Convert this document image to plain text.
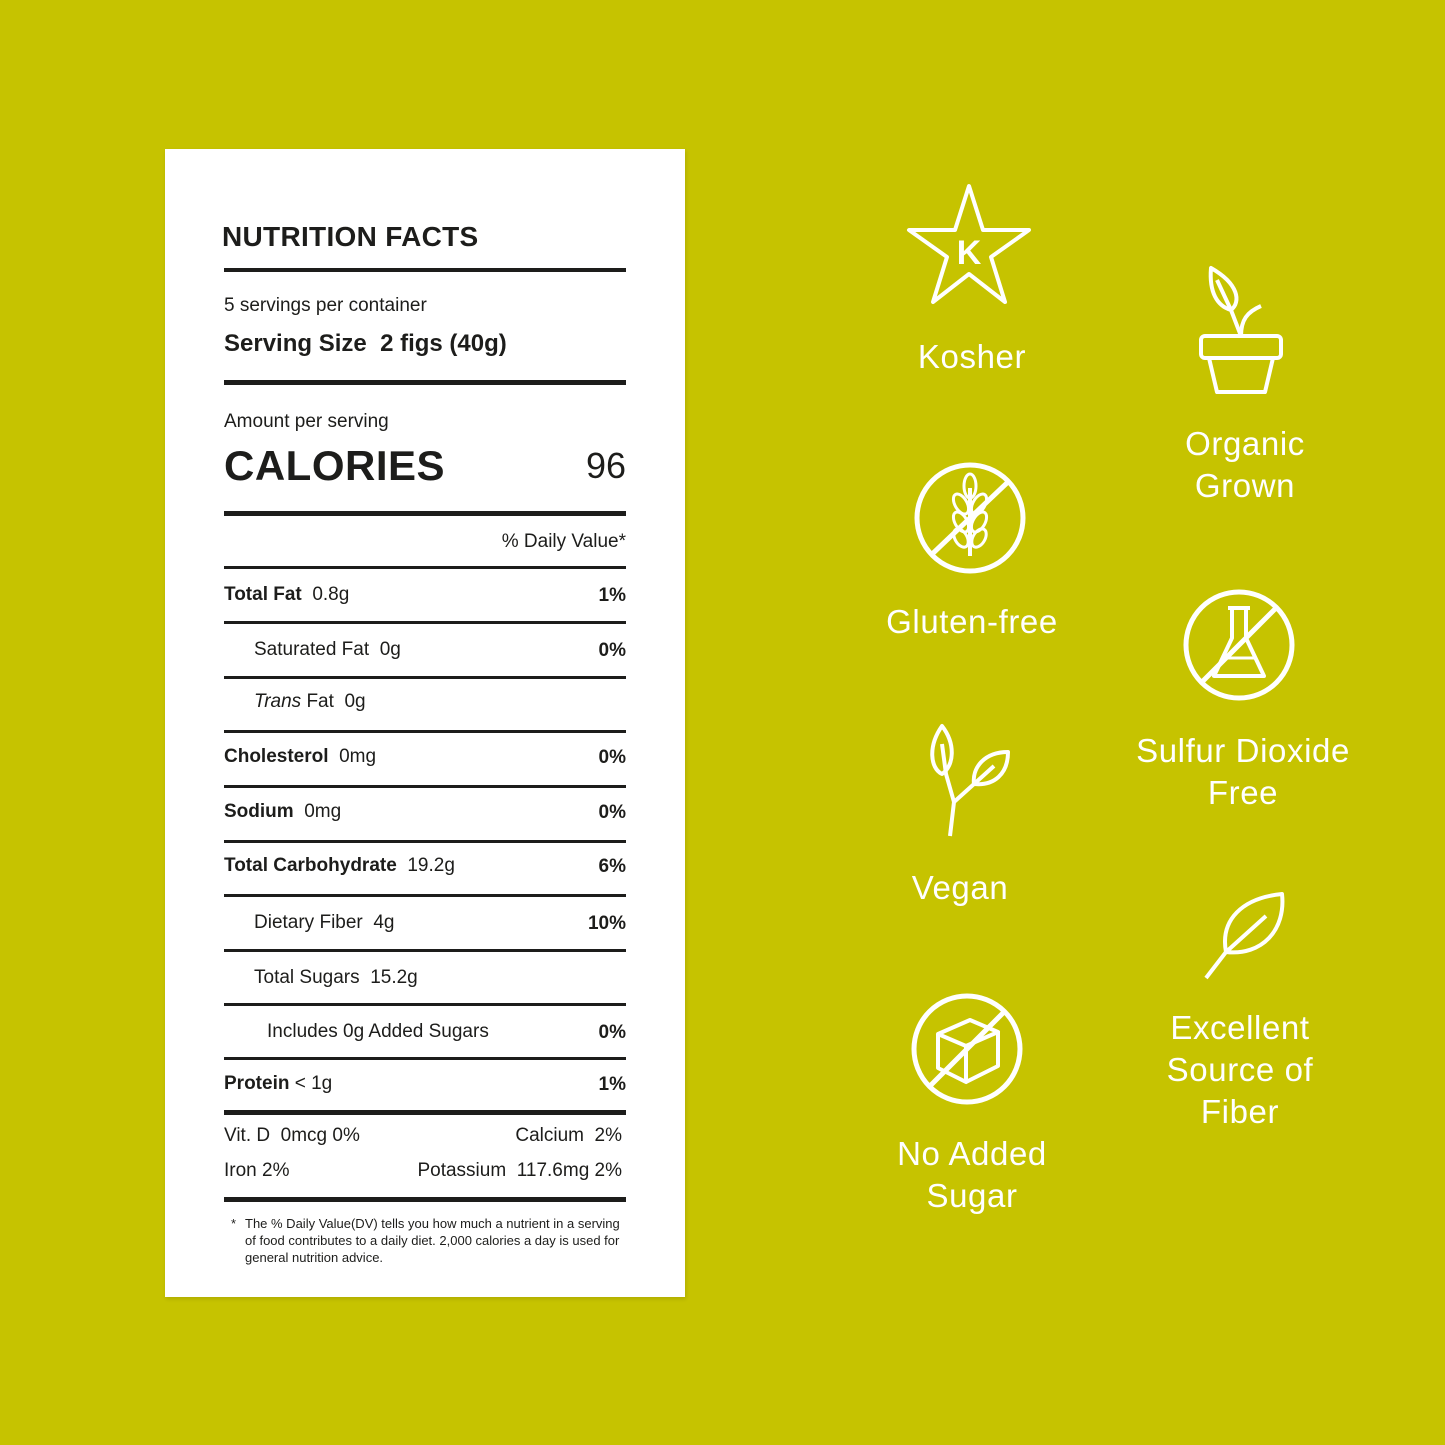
NUTRITION FACTS
5 servings per container
Serving Size 2 figs (40g)
Amount per serving
CALORIES	96
% Daily Value*
Total Fat 0.8g	1%
Saturated Fat 0g	0%
Trans Fat 0g
Cholesterol 0mg	0%
Sodium 0mg	0%
Total Carbohydrate 19.2g	6%
Dietary Fiber 4g	10%
Total Sugars 15.2g
Includes 0g Added Sugars	0%
Protein < 1g	1%
Vit. D  0mcg 0%	Calcium  2%
Iron 2%	Potassium  117.6mg 2%
* The % Daily Value(DV) tells you how much a nutrient in a serving of food contributes to a daily diet. 2,000 calories a day is used for general nutrition advice.
K
Kosher
Organic
Grown
Gluten-free
Sulfur Dioxide
Free
Vegan
Excellent
Source of
Fiber
No Added
Sugar
